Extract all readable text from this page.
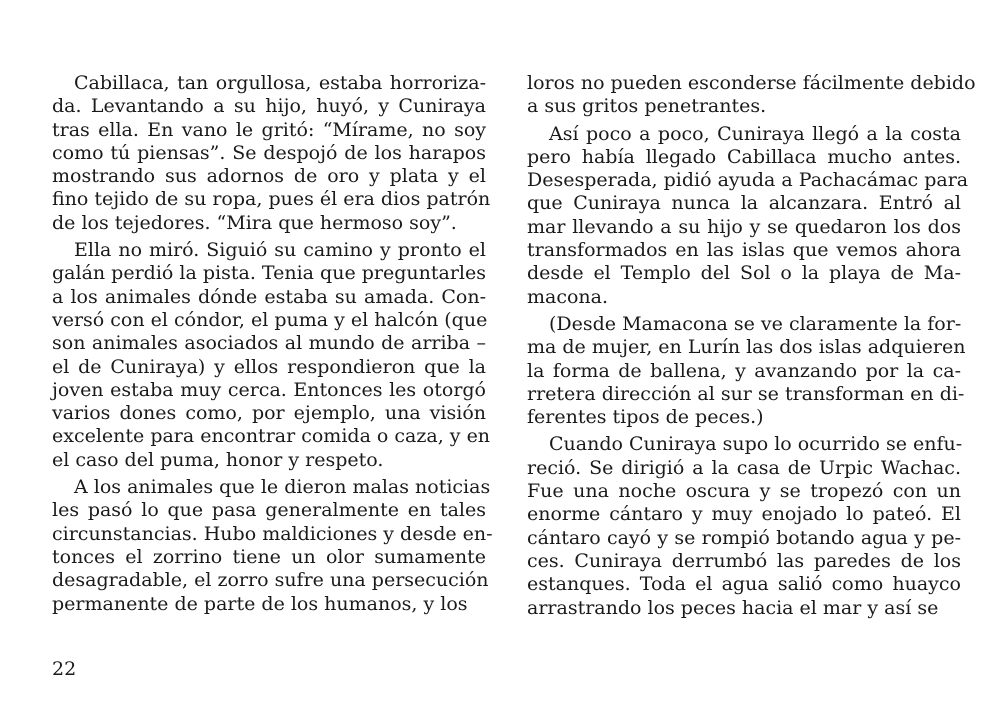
Cabillaca, tan orgullosa, estaba horroriza-
da. Levantando a su hijo, huyó, y Cuniraya
tras ella. En vano le gritó: “Mírame, no soy
como tú piensas”. Se despojó de los harapos
mostrando sus adornos de oro y plata y el
fino tejido de su ropa, pues él era dios patrón
de los tejedores. “Mira que hermoso soy”.
Ella no miró. Siguió su camino y pronto el
galán perdió la pista. Tenia que preguntarles
a los animales dónde estaba su amada. Con-
versó con el cóndor, el puma y el halcón (que
son animales asociados al mundo de arriba –
el de Cuniraya) y ellos respondieron que la
joven estaba muy cerca. Entonces les otorgó
varios dones como, por ejemplo, una visión
excelente para encontrar comida o caza, y en
el caso del puma, honor y respeto.
A los animales que le dieron malas noticias
les pasó lo que pasa generalmente en tales
circunstancias. Hubo maldiciones y desde en-
tonces el zorrino tiene un olor sumamente
desagradable, el zorro sufre una persecución
permanente de parte de los humanos, y los
loros no pueden esconderse fácilmente debido
a sus gritos penetrantes.
Así poco a poco, Cuniraya llegó a la costa
pero había llegado Cabillaca mucho antes.
Desesperada, pidió ayuda a Pachacámac para
que Cuniraya nunca la alcanzara. Entró al
mar llevando a su hijo y se quedaron los dos
transformados en las islas que vemos ahora
desde el Templo del Sol o la playa de Ma-
macona.
(Desde Mamacona se ve claramente la for-
ma de mujer, en Lurín las dos islas adquieren
la forma de ballena, y avanzando por la ca-
rretera dirección al sur se transforman en di-
ferentes tipos de peces.)
Cuando Cuniraya supo lo ocurrido se enfu-
reció. Se dirigió a la casa de Urpic Wachac.
Fue una noche oscura y se tropezó con un
enorme cántaro y muy enojado lo pateó. El
cántaro cayó y se rompió botando agua y pe-
ces. Cuniraya derrumbó las paredes de los
estanques. Toda el agua salió como huayco
arrastrando los peces hacia el mar y así se
22
